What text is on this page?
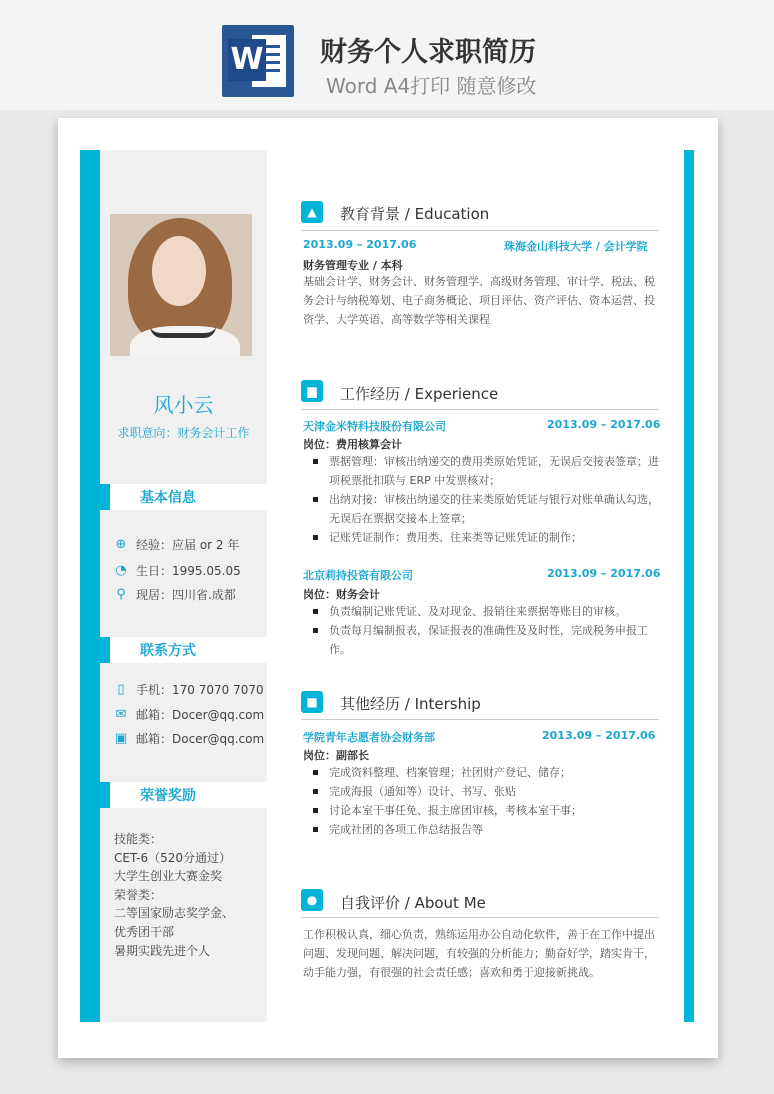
W 财务个人求职简历
Word A4打印 随意修改
风小云
求职意向：财务会计工作
基本信息
⊕ 经验：应届 or 2 年
◔ 生日：1995.05.05
⚲ 现居：四川省.成都
联系方式
▯ 手机：170 7070 7070
✉ 邮箱：Docer@qq.com
▣ 邮箱：Docer@qq.com
荣誉奖励
技能类：
CET-6（520分通过）
大学生创业大赛金奖
荣誉类：
二等国家励志奖学金、
优秀团干部
暑期实践先进个人
▲	教育背景 / Education
2013.09 – 2017.06	珠海金山科技大学 / 会计学院
财务管理专业 / 本科
基础会计学、财务会计、财务管理学、高级财务管理、审计学、税法、税务会计与纳税筹划、电子商务概论、项目评估、资产评估、资本运营、投资学、大学英语、高等数学等相关课程
▆	工作经历 / Experience
天津金米特科技股份有限公司	2013.09 – 2017.06
岗位：费用核算会计
票据管理：审核出纳递交的费用类原始凭证，无误后交接表签章；进项税票批扣联与 ERP 中发票核对；
出纳对接：审核出纳递交的往来类原始凭证与银行对账单确认勾选，无误后在票据交接本上签章；
记账凭证制作：费用类、往来类等记账凭证的制作；
北京莉持投资有限公司	2013.09 – 2017.06
岗位：财务会计
负责编制记账凭证、及对现金、报销往来票据等账目的审核。
负责每月编制报表，保证报表的准确性及及时性，完成税务申报工作。
■	其他经历 / Intership
学院青年志愿者协会财务部	2013.09 – 2017.06
岗位：副部长
完成资料整理、档案管理；社团财产登记、储存；
完成海报（通知等）设计、书写、张贴
讨论本室干事任免、报主席团审核，考核本室干事；
完成社团的各项工作总结报告等
●	自我评价 / About Me
工作积极认真，细心负责，熟练运用办公自动化软件，善于在工作中提出问题、发现问题、解决问题，有较强的分析能力；勤奋好学，踏实肯干，动手能力强，有很强的社会责任感；喜欢和勇于迎接新挑战。
